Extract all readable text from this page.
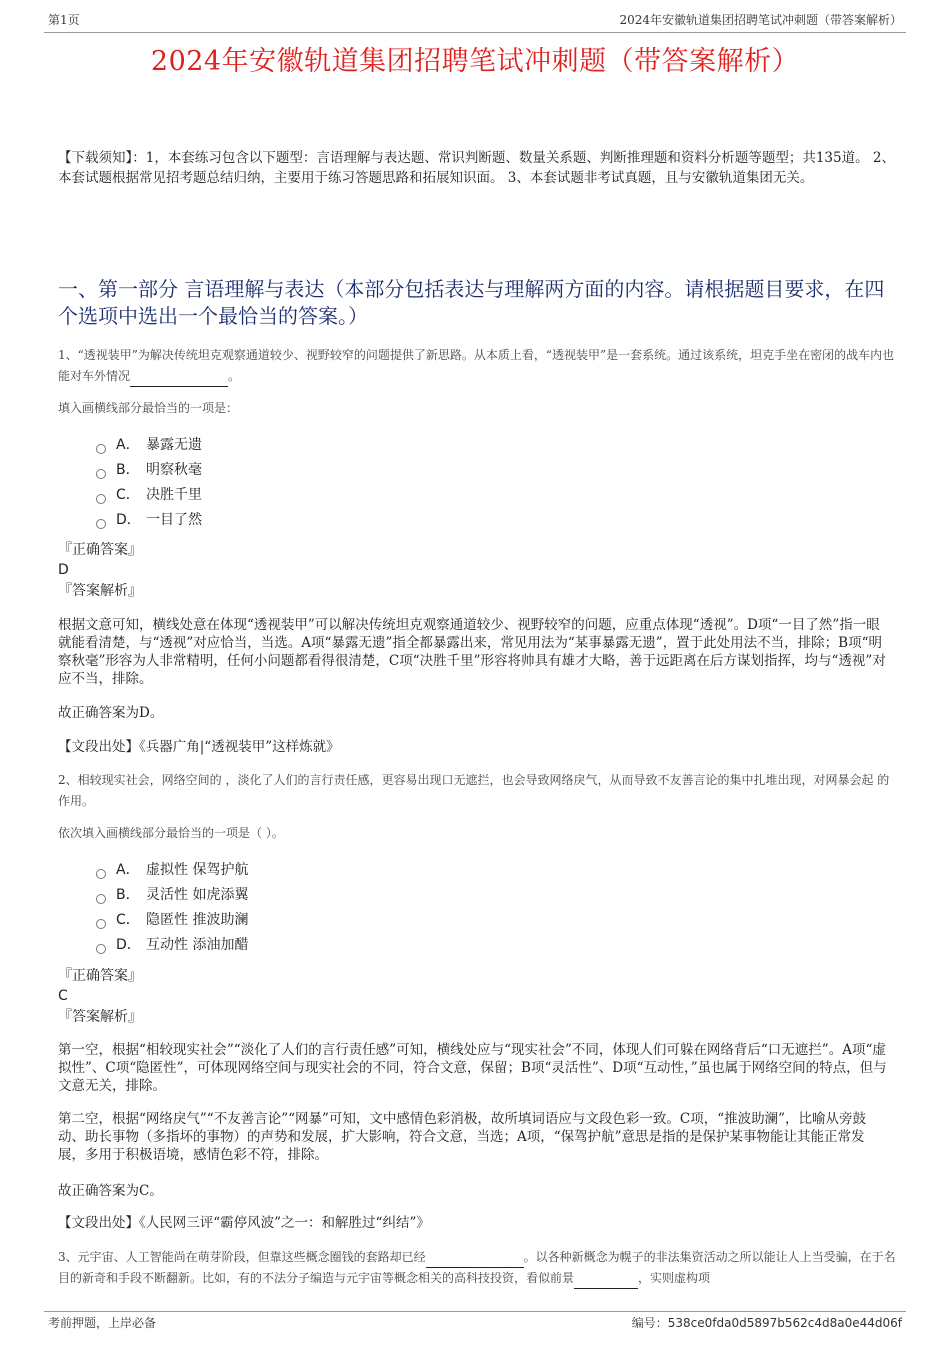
第1页	2024年安徽轨道集团招聘笔试冲刺题（带答案解析）
2024年安徽轨道集团招聘笔试冲刺题（带答案解析）
【下载须知】：1，本套练习包含以下题型：言语理解与表达题、常识判断题、数量关系题、判断推理题和资料分析题等题型；共135道。 2、本套试题根据常见招考题总结归纳，主要用于练习答题思路和拓展知识面。 3、本套试题非考试真题，且与安徽轨道集团无关。
一、第一部分 言语理解与表达（本部分包括表达与理解两方面的内容。请根据题目要求，在四个选项中选出一个最恰当的答案。）
1、“透视装甲”为解决传统坦克观察通道较少、视野较窄的问题提供了新思路。从本质上看，“透视装甲”是一套系统。通过该系统，坦克手坐在密闭的战车内也能对车外情况	。
填入画横线部分最恰当的一项是：
A． 暴露无遗
B． 明察秋毫
C． 决胜千里
D． 一目了然
『正确答案』
D
『答案解析』
根据文意可知，横线处意在体现“透视装甲”可以解决传统坦克观察通道较少、视野较窄的问题，应重点体现“透视”。D项“一目了然”指一眼就能看清楚，与“透视”对应恰当，当选。A项“暴露无遗”指全都暴露出来，常见用法为“某事暴露无遗”，置于此处用法不当，排除；B项“明察秋毫”形容为人非常精明，任何小问题都看得很清楚，C项“决胜千里”形容将帅具有雄才大略，善于远距离在后方谋划指挥，均与“透视”对应不当，排除。
故正确答案为D。
【文段出处】《兵器广角|“透视装甲”这样炼就》
2、相较现实社会，网络空间的 ，淡化了人们的言行责任感，更容易出现口无遮拦，也会导致网络戾气，从而导致不友善言论的集中扎堆出现，对网暴会起 的作用。
依次填入画横线部分最恰当的一项是（ ）。
A． 虚拟性 保驾护航
B． 灵活性 如虎添翼
C． 隐匿性 推波助澜
D． 互动性 添油加醋
『正确答案』
C
『答案解析』
第一空，根据“相较现实社会”“淡化了人们的言行责任感”可知，横线处应与“现实社会”不同，体现人们可躲在网络背后“口无遮拦”。A项“虚拟性”、C项“隐匿性”，可体现网络空间与现实社会的不同，符合文意，保留；B项“灵活性”、D项“互动性，”虽也属于网络空间的特点，但与文意无关，排除。
第二空，根据“网络戾气”“不友善言论”“网暴”可知，文中感情色彩消极，故所填词语应与文段色彩一致。C项，“推波助澜”，比喻从旁鼓动、助长事物（多指坏的事物）的声势和发展，扩大影响，符合文意，当选；A项，“保驾护航”意思是指的是保护某事物能让其能正常发展，多用于积极语境，感情色彩不符，排除。
故正确答案为C。
【文段出处】《人民网三评“霸停风波”之一：和解胜过“纠结”》
3、元宇宙、人工智能尚在萌芽阶段，但靠这些概念圈钱的套路却已经	。以各种新概念为幌子的非法集资活动之所以能让人上当受骗，在于名目的新奇和手段不断翻新。比如，有的不法分子编造与元宇宙等概念相关的高科技投资，看似前景	，实则虚构项
考前押题，上岸必备	编号：538ce0fda0d5897b562c4d8a0e44d06f
